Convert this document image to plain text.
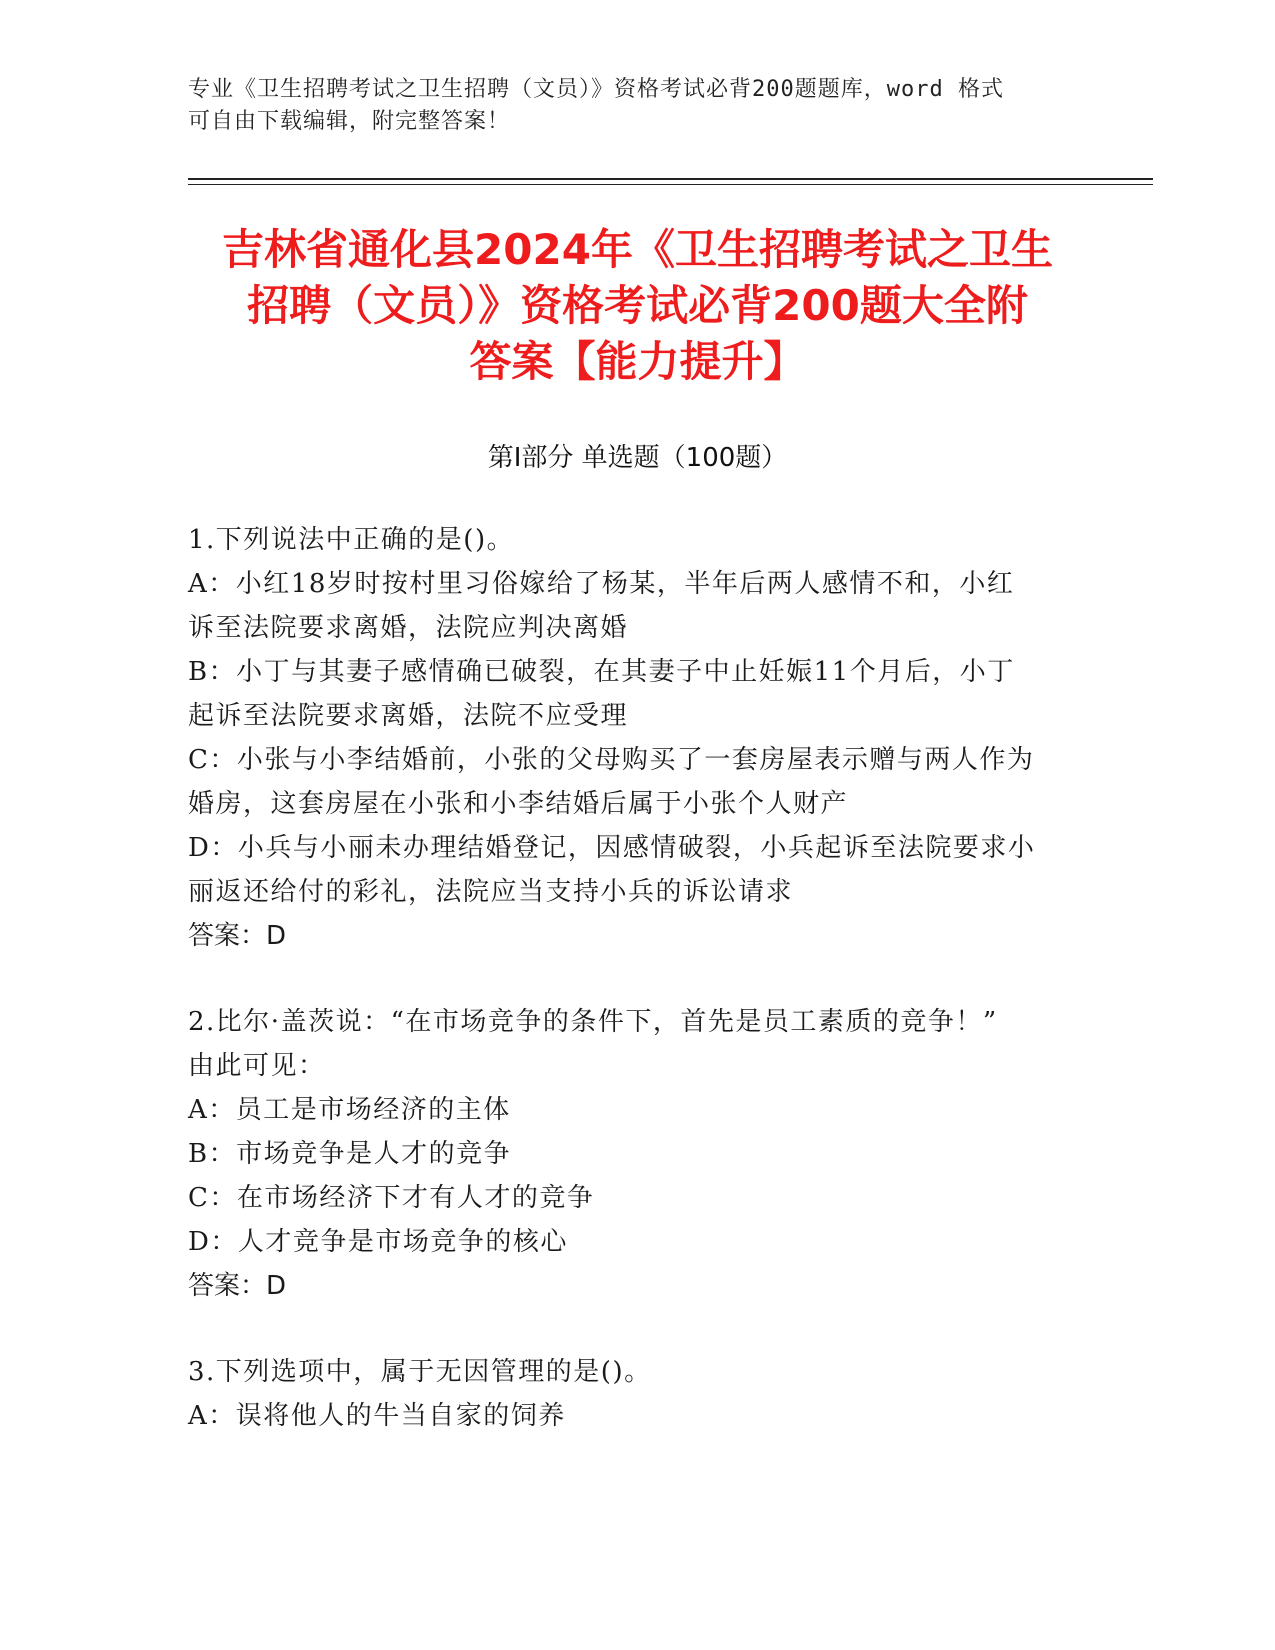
专业《卫生招聘考试之卫生招聘（文员）》资格考试必背200题题库，word 格式
可自由下载编辑，附完整答案！
吉林省通化县2024年《卫生招聘考试之卫生
招聘（文员）》资格考试必背200题大全附
答案【能力提升】
第Ⅰ部分 单选题（100题）
1.下列说法中正确的是()。
A：小红18岁时按村里习俗嫁给了杨某，半年后两人感情不和，小红
诉至法院要求离婚，法院应判决离婚
B：小丁与其妻子感情确已破裂，在其妻子中止妊娠11个月后，小丁
起诉至法院要求离婚，法院不应受理
C：小张与小李结婚前，小张的父母购买了一套房屋表示赠与两人作为
婚房，这套房屋在小张和小李结婚后属于小张个人财产
D：小兵与小丽未办理结婚登记，因感情破裂，小兵起诉至法院要求小
丽返还给付的彩礼，法院应当支持小兵的诉讼请求
答案：D
2.比尔·盖茨说：“在市场竞争的条件下，首先是员工素质的竞争！”
由此可见：
A：员工是市场经济的主体
B：市场竞争是人才的竞争
C：在市场经济下才有人才的竞争
D：人才竞争是市场竞争的核心
答案：D
3.下列选项中，属于无因管理的是()。
A：误将他人的牛当自家的饲养
